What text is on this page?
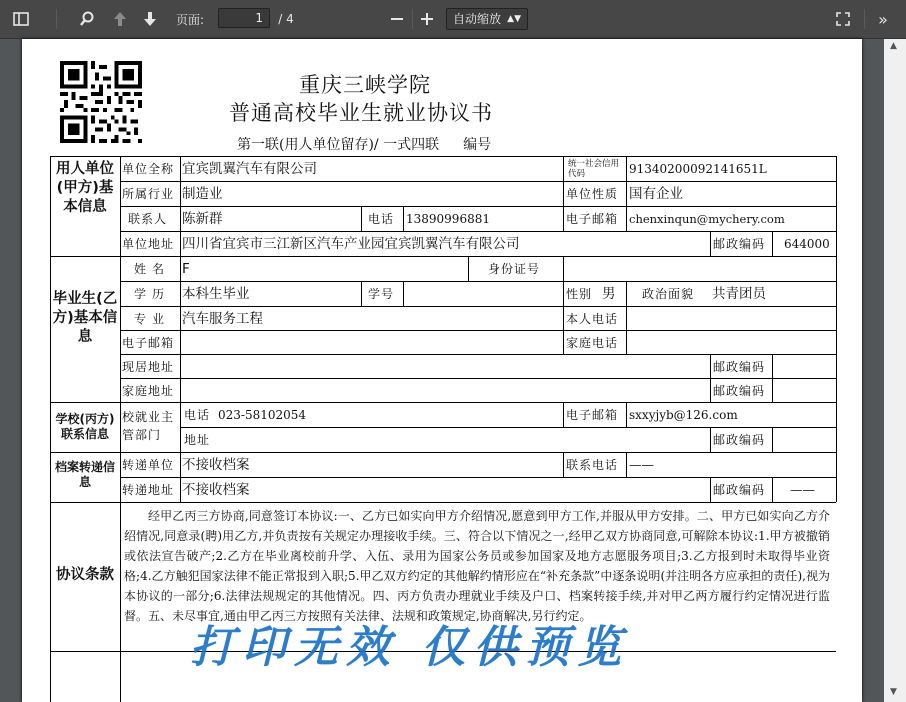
页面:	1	/ 4	自动缩放 ▲▼	»
重庆三峡学院
普通高校毕业生就业协议书
第一联(用人单位留存)/ 一式四联 编号
用人单位(甲方)基本信息
单位全称 宜宾凯翼汽车有限公司	统一社会信用代码	91340200092141651L
所属行业 制造业	单位性质 国有企业
联系人 陈新群	电话 13890996881	电子邮箱 chenxinqun@mychery.com
单位地址 四川省宜宾市三江新区汽车产业园宜宾凯翼汽车有限公司	邮政编码 644000
毕业生(乙方)基本信息
姓名 F	身份证号
学历 本科生毕业	学号	性别 男 政治面貌 共青团员
专业 汽车服务工程	本人电话
电子邮箱	家庭电话
现居地址	邮政编码
家庭地址	邮政编码
学校(丙方)联系信息
校就业主管部门
电话 023-58102054	电子邮箱 sxxyjyb@126.com
地址	邮政编码
档案转递信息
转递单位 不接收档案	联系电话 ——
转递地址 不接收档案	邮政编码 ——
协议条款
经甲乙丙三方协商,同意签订本协议:一、乙方已如实向甲方介绍情况,愿意到甲方工作,并服从甲方安排。二、甲方已如实向乙方介绍情况,同意录(聘)用乙方,并负责按有关规定办理接收手续。三、符合以下情况之一,经甲乙双方协商同意,可解除本协议:1.甲方被撤销或依法宣告破产;2.乙方在毕业离校前升学、入伍、录用为国家公务员或参加国家及地方志愿服务项目;3.乙方报到时未取得毕业资格;4.乙方触犯国家法律不能正常报到入职;5.甲乙双方约定的其他解约情形应在“补充条款”中逐条说明(并注明各方应承担的责任),视为本协议的一部分;6.法律法规规定的其他情况。四、丙方负责办理就业手续及户口、档案转接手续,并对甲乙两方履行约定情况进行监督。五、未尽事宜,通由甲乙丙三方按照有关法律、法规和政策规定,协商解决,另行约定。
打印无效 仅供预览
▲
▼
